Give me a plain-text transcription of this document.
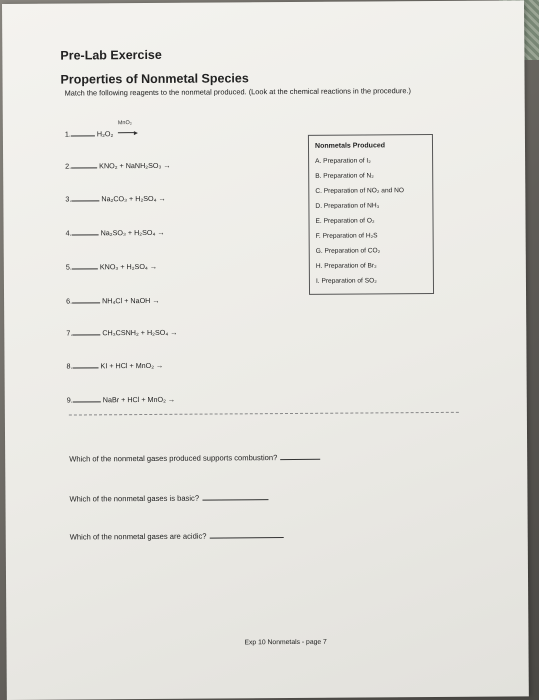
Pre-Lab Exercise
Properties of Nonmetal Species
Match the following reagents to the nonmetal produced. (Look at the chemical reactions in the procedure.)
1.	H₂O₂
MnO₂
2.	KNO₂ + NaNH₂SO₃ →
3.	Na₂CO₃ + H₂SO₄ →
4.	Na₂SO₃ + H₂SO₄ →
5.	KNO₃ + H₂SO₄ →
6.	NH₄Cl + NaOH →
7.	CH₃CSNH₂ + H₂SO₄ →
8.	KI + HCl + MnO₂ →
9.	NaBr + HCl + MnO₂ →
Nonmetals Produced
A. Preparation of I₂
B. Preparation of N₂
C. Preparation of NO₂ and NO
D. Preparation of NH₃
E. Preparation of O₂
F. Preparation of H₂S
G. Preparation of CO₂
H. Preparation of Br₂
I. Preparation of SO₂
Which of the nonmetal gases produced supports combustion?
Which of the nonmetal gases is basic?
Which of the nonmetal gases are acidic?
Exp 10 Nonmetals - page 7
